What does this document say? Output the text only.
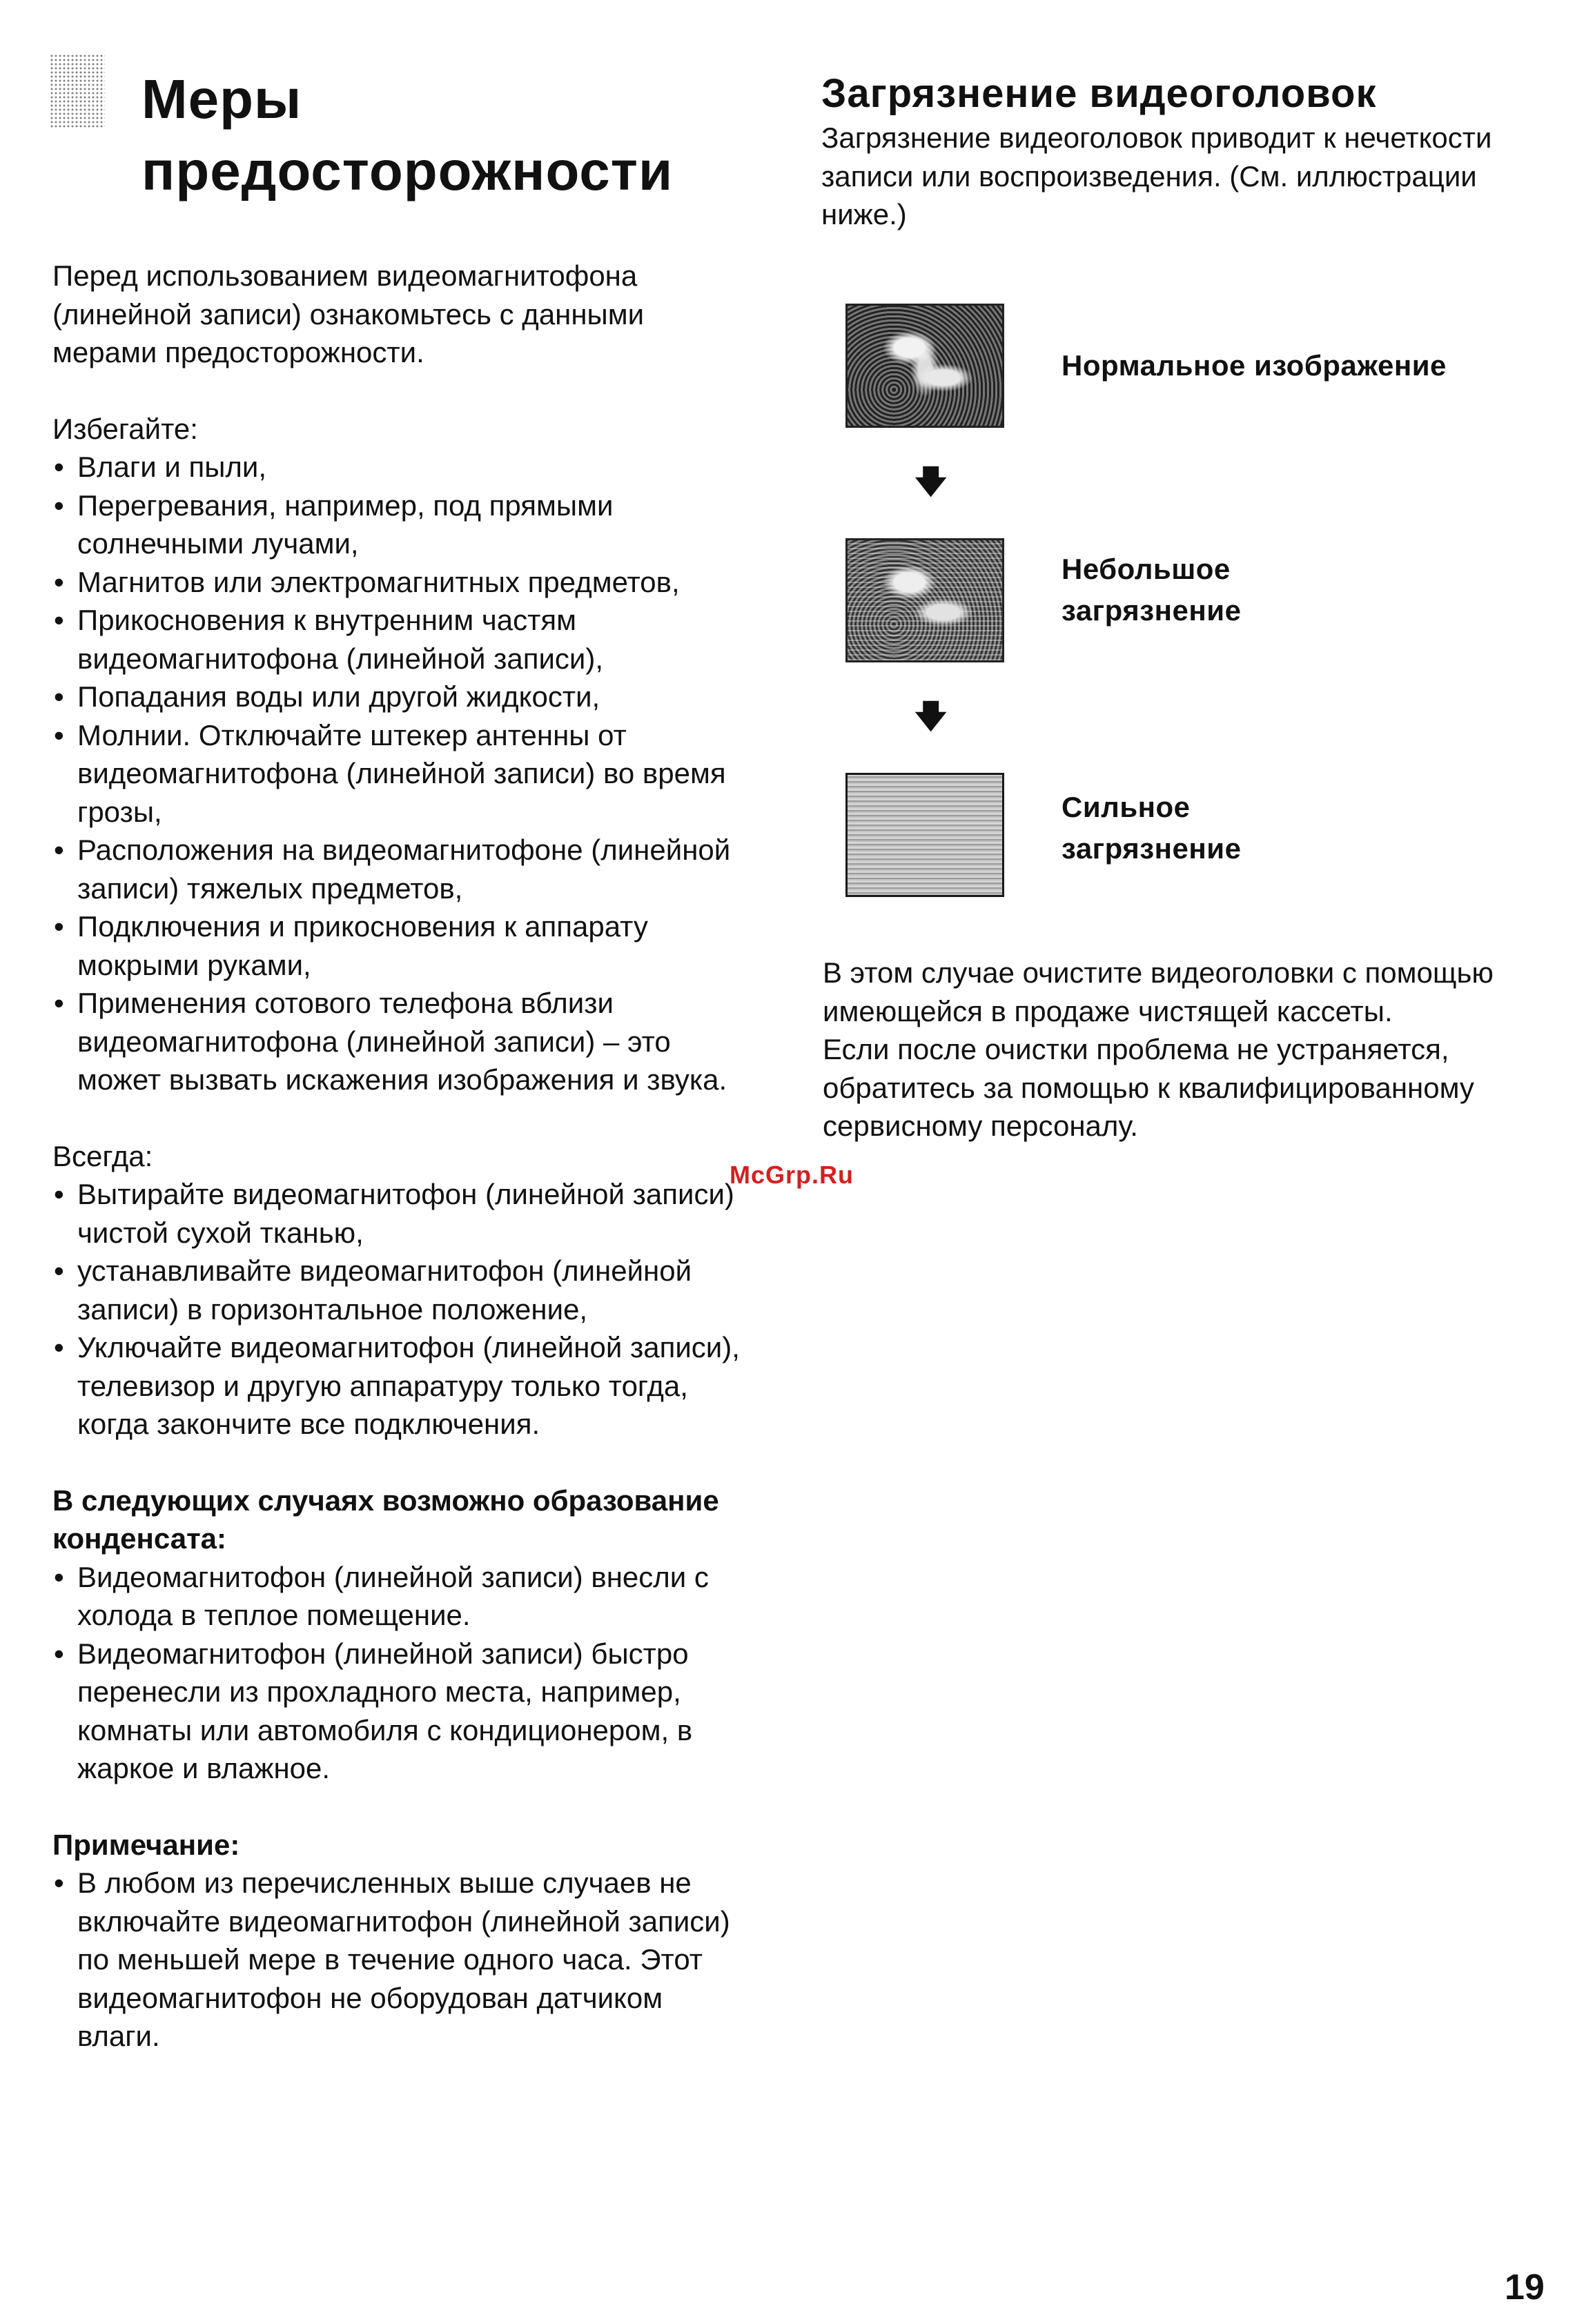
Меры
предосторожности

Перед использованием видеомагнитофона (линейной записи) ознакомьтесь с данными мерами предосторожности.

Избегайте:

• Влаги и пыли,
• Перегревания, например, под прямыми солнечными лучами,
• Магнитов или электромагнитных предметов,
• Прикосновения к внутренним частям видеомагнитофона (линейной записи),
• Попадания воды или другой жидкости,
• Молнии. Отключайте штекер антенны от видеомагнитофона (линейной записи) во время грозы,
• Расположения на видеомагнитофоне (линейной записи) тяжелых предметов,
• Подключения и прикосновения к аппарату мокрыми руками,
• Применения сотового телефона вблизи видеомагнитофона (линейной записи) – это может вызвать искажения изображения и звука.

Всегда:

• Вытирайте видеомагнитофон (линейной записи) чистой сухой тканью,
• устанавливайте видеомагнитофон (линейной записи) в горизонтальное положение,
• Уключайте видеомагнитофон (линейной записи), телевизор и другую аппаратуру только тогда, когда закончите все подключения.

В следующих случаях возможно образование конденсата:

• Видеомагнитофон (линейной записи) внесли с холода в теплое помещение.
• Видеомагнитофон (линейной записи) быстро перенесли из прохладного места, например, комнаты или автомобиля с кондиционером, в жаркое и влажное.

Примечание:

• В любом из перечисленных выше случаев не включайте видеомагнитофон (линейной записи) по меньшей мере в течение одного часа. Этот видеомагнитофон не оборудован датчиком влаги.
Загрязнение видеоголовок

Загрязнение видеоголовок приводит к нечеткости записи или воспроизведения. (См. иллюстрации ниже.)

Нормальное изображение
🡇
Небольшое загрязнение
🡇
Сильное загрязнение

В этом случае очистите видеоголовки с помощью имеющейся в продаже чистящей кассеты.

Если после очистки проблема не устраняется, обратитесь за помощью к квалифицированному сервисному персоналу.

McGrp.Ru
19
